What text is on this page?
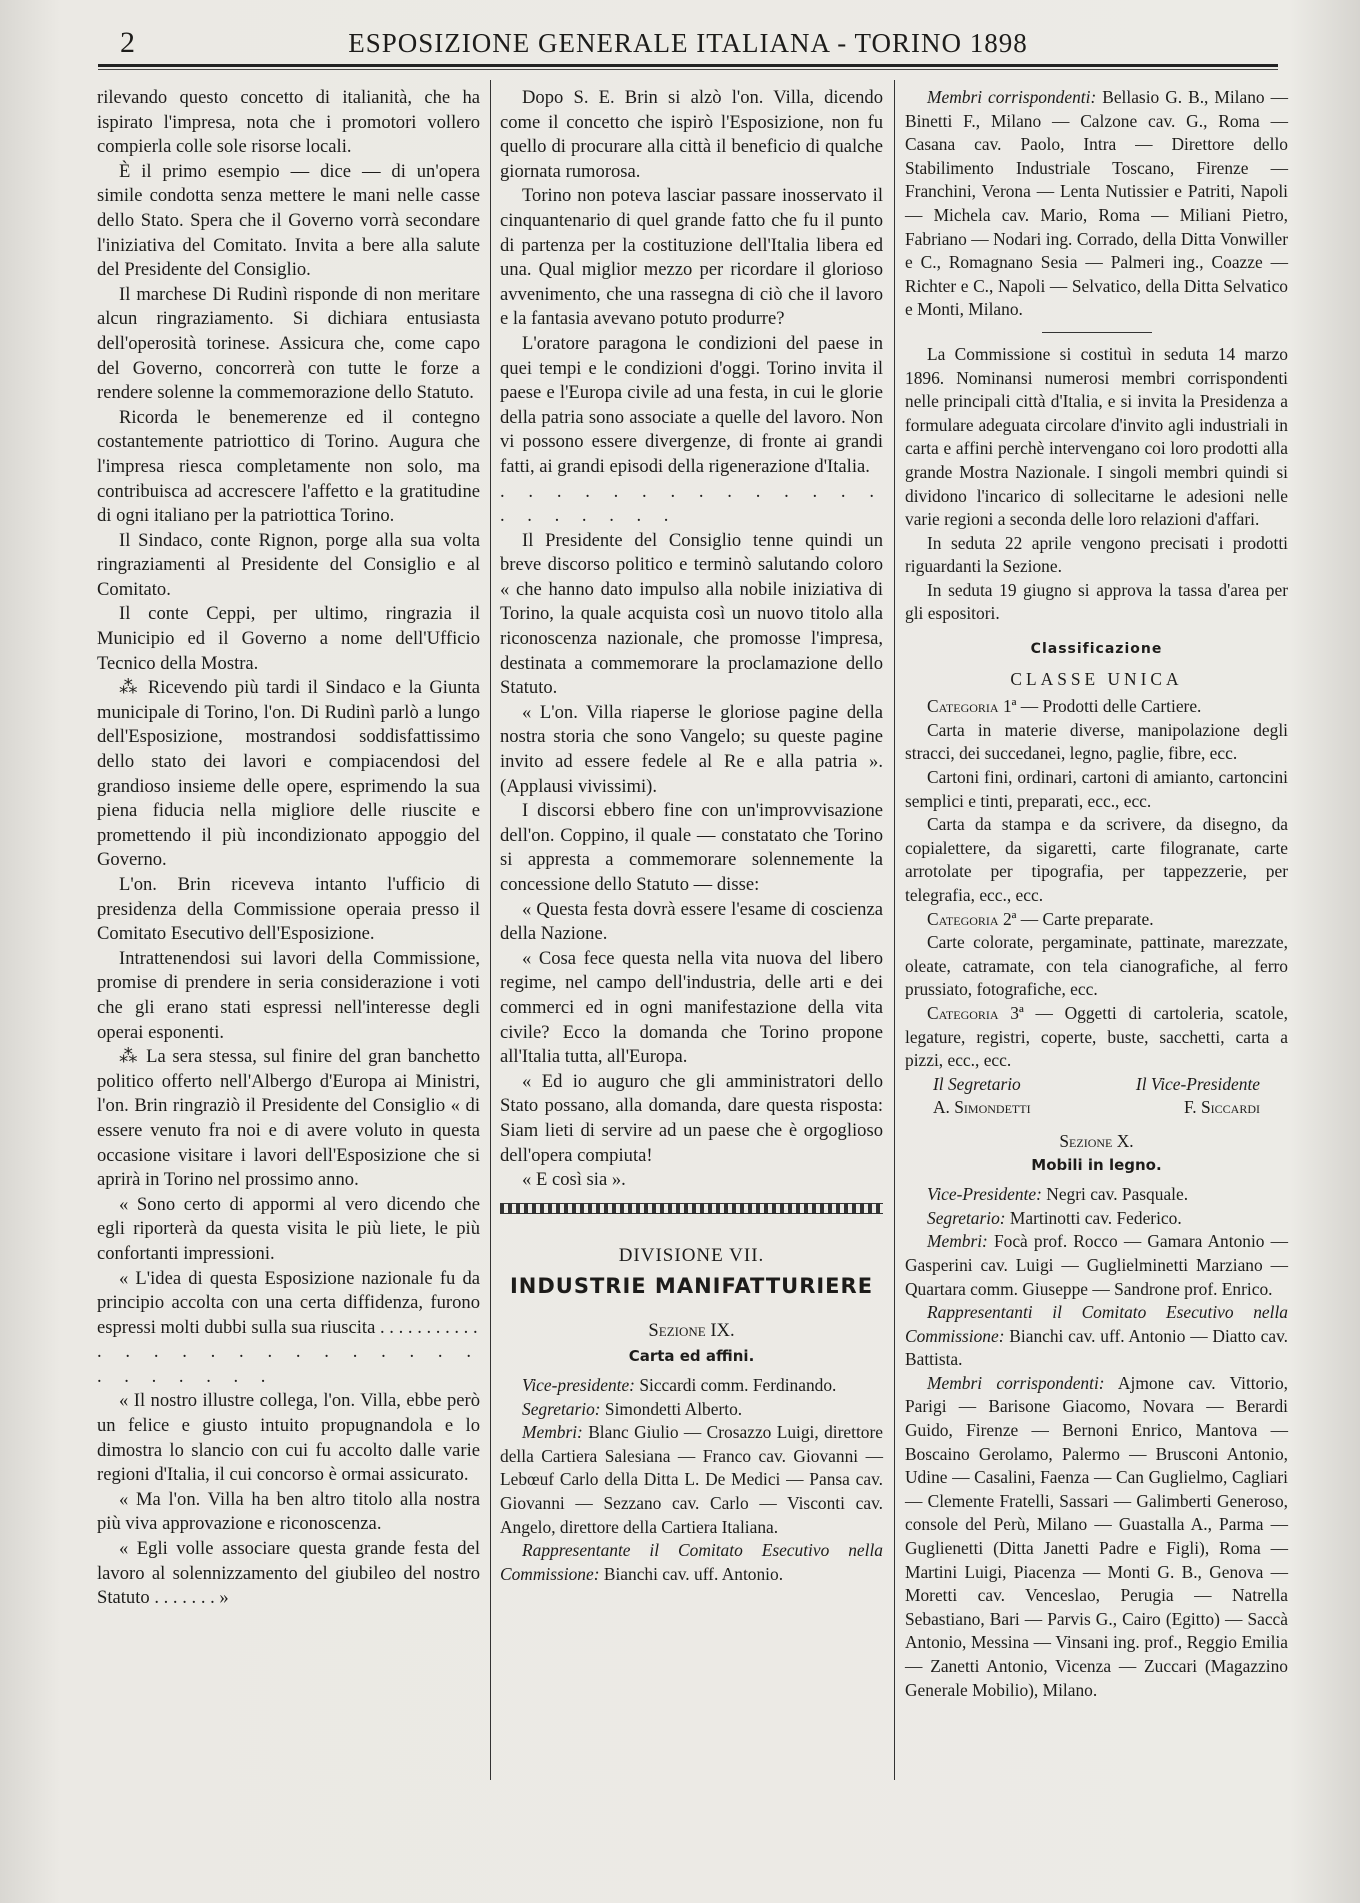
2	ESPOSIZIONE GENERALE ITALIANA - TORINO 1898

rilevando questo concetto di italianità, che ha ispirato l'impresa, nota che i promotori vollero compierla colle sole risorse locali.

È il primo esempio — dice — di un'opera simile condotta senza mettere le mani nelle casse dello Stato. Spera che il Governo vorrà secondare l'iniziativa del Comitato. Invita a bere alla salute del Presidente del Consiglio.

Il marchese Di Rudinì risponde di non meritare alcun ringraziamento. Si dichiara entusiasta dell'operosità torinese. Assicura che, come capo del Governo, concorrerà con tutte le forze a rendere solenne la commemorazione dello Statuto.

Ricorda le benemerenze ed il contegno costantemente patriottico di Torino. Augura che l'impresa riesca completamente non solo, ma contribuisca ad accrescere l'affetto e la gratitudine di ogni italiano per la patriottica Torino.

Il Sindaco, conte Rignon, porge alla sua volta ringraziamenti al Presidente del Consiglio e al Comitato.

Il conte Ceppi, per ultimo, ringrazia il Municipio ed il Governo a nome dell'Ufficio Tecnico della Mostra.

⁂ Ricevendo più tardi il Sindaco e la Giunta municipale di Torino, l'on. Di Rudinì parlò a lungo dell'Esposizione, mostrandosi soddisfattissimo dello stato dei lavori e compiacendosi del grandioso insieme delle opere, esprimendo la sua piena fiducia nella migliore delle riuscite e promettendo il più incondizionato appoggio del Governo.

L'on. Brin riceveva intanto l'ufficio di presidenza della Commissione operaia presso il Comitato Esecutivo dell'Esposizione.

Intrattenendosi sui lavori della Commissione, promise di prendere in seria considerazione i voti che gli erano stati espressi nell'interesse degli operai esponenti.

⁂ La sera stessa, sul finire del gran banchetto politico offerto nell'Albergo d'Europa ai Ministri, l'on. Brin ringraziò il Presidente del Consiglio « di essere venuto fra noi e di avere voluto in questa occasione visitare i lavori dell'Esposizione che si aprirà in Torino nel prossimo anno.

« Sono certo di appormi al vero dicendo che egli riporterà da questa visita le più liete, le più confortanti impressioni.

« L'idea di questa Esposizione nazionale fu da principio accolta con una certa diffidenza, furono espressi molti dubbi sulla sua riuscita . . . . . . . . . . .

. . . . . . . . . . . . . . . . . . . . .

« Il nostro illustre collega, l'on. Villa, ebbe però un felice e giusto intuito propugnandola e lo dimostra lo slancio con cui fu accolto dalle varie regioni d'Italia, il cui concorso è ormai assicurato.

« Ma l'on. Villa ha ben altro titolo alla nostra più viva approvazione e riconoscenza.

« Egli volle associare questa grande festa del lavoro al solennizzamento del giubileo del nostro Statuto . . . . . . . »

Dopo S. E. Brin si alzò l'on. Villa, dicendo come il concetto che ispirò l'Esposizione, non fu quello di procurare alla città il beneficio di qualche giornata rumorosa.

Torino non poteva lasciar passare inosservato il cinquantenario di quel grande fatto che fu il punto di partenza per la costituzione dell'Italia libera ed una. Qual miglior mezzo per ricordare il glorioso avvenimento, che una rassegna di ciò che il lavoro e la fantasia avevano potuto produrre?

L'oratore paragona le condizioni del paese in quei tempi e le condizioni d'oggi. Torino invita il paese e l'Europa civile ad una festa, in cui le glorie della patria sono associate a quelle del lavoro. Non vi possono essere divergenze, di fronte ai grandi fatti, ai grandi episodi della rigenerazione d'Italia.

. . . . . . . . . . . . . . . . . . . . .

Il Presidente del Consiglio tenne quindi un breve discorso politico e terminò salutando coloro « che hanno dato impulso alla nobile iniziativa di Torino, la quale acquista così un nuovo titolo alla riconoscenza nazionale, che promosse l'impresa, destinata a commemorare la proclamazione dello Statuto.

« L'on. Villa riaperse le gloriose pagine della nostra storia che sono Vangelo; su queste pagine invito ad essere fedele al Re e alla patria ». (Applausi vivissimi).

I discorsi ebbero fine con un'improvvisazione dell'on. Coppino, il quale — constatato che Torino si appresta a commemorare solennemente la concessione dello Statuto — disse:

« Questa festa dovrà essere l'esame di coscienza della Nazione.

« Cosa fece questa nella vita nuova del libero regime, nel campo dell'industria, delle arti e dei commerci ed in ogni manifestazione della vita civile? Ecco la domanda che Torino propone all'Italia tutta, all'Europa.

« Ed io auguro che gli amministratori dello Stato possano, alla domanda, dare questa risposta: Siam lieti di servire ad un paese che è orgoglioso dell'opera compiuta!

« E così sia ».

DIVISIONE VII.

INDUSTRIE MANIFATTURIERE

Sezione IX.

Carta ed affini.

Vice-presidente: Siccardi comm. Ferdinando.

Segretario: Simondetti Alberto.

Membri: Blanc Giulio — Crosazzo Luigi, direttore della Cartiera Salesiana — Franco cav. Giovanni — Lebœuf Carlo della Ditta L. De Medici — Pansa cav. Giovanni — Sezzano cav. Carlo — Visconti cav. Angelo, direttore della Cartiera Italiana.

Rappresentante il Comitato Esecutivo nella Commissione: Bianchi cav. uff. Antonio.

Membri corrispondenti: Bellasio G. B., Milano — Binetti F., Milano — Calzone cav. G., Roma — Casana cav. Paolo, Intra — Direttore dello Stabilimento Industriale Toscano, Firenze — Franchini, Verona — Lenta Nutissier e Patriti, Napoli — Michela cav. Mario, Roma — Miliani Pietro, Fabriano — Nodari ing. Corrado, della Ditta Vonwiller e C., Romagnano Sesia — Palmeri ing., Coazze — Richter e C., Napoli — Selvatico, della Ditta Selvatico e Monti, Milano.

La Commissione si costituì in seduta 14 marzo 1896. Nominansi numerosi membri corrispondenti nelle principali città d'Italia, e si invita la Presidenza a formulare adeguata circolare d'invito agli industriali in carta e affini perchè intervengano coi loro prodotti alla grande Mostra Nazionale. I singoli membri quindi si dividono l'incarico di sollecitarne le adesioni nelle varie regioni a seconda delle loro relazioni d'affari.

In seduta 22 aprile vengono precisati i prodotti riguardanti la Sezione.

In seduta 19 giugno si approva la tassa d'area per gli espositori.

Classificazione

CLASSE UNICA

Categoria 1ª — Prodotti delle Cartiere.

Carta in materie diverse, manipolazione degli stracci, dei succedanei, legno, paglie, fibre, ecc.

Cartoni fini, ordinari, cartoni di amianto, cartoncini semplici e tinti, preparati, ecc., ecc.

Carta da stampa e da scrivere, da disegno, da copialettere, da sigaretti, carte filogranate, carte arrotolate per tipografia, per tappezzerie, per telegrafia, ecc., ecc.

Categoria 2ª — Carte preparate.

Carte colorate, pergaminate, pattinate, marezzate, oleate, catramate, con tela cianografiche, al ferro prussiato, fotografiche, ecc.

Categoria 3ª — Oggetti di cartoleria, scatole, legature, registri, coperte, buste, sacchetti, carta a pizzi, ecc., ecc.

Il Segretario	Il Vice-Presidente
A. Simondetti	F. Siccardi

Sezione X.

Mobili in legno.

Vice-Presidente: Negri cav. Pasquale.

Segretario: Martinotti cav. Federico.

Membri: Focà prof. Rocco — Gamara Antonio — Gasperini cav. Luigi — Guglielminetti Marziano — Quartara comm. Giuseppe — Sandrone prof. Enrico.

Rappresentanti il Comitato Esecutivo nella Commissione: Bianchi cav. uff. Antonio — Diatto cav. Battista.

Membri corrispondenti: Ajmone cav. Vittorio, Parigi — Barisone Giacomo, Novara — Berardi Guido, Firenze — Bernoni Enrico, Mantova — Boscaino Gerolamo, Palermo — Brusconi Antonio, Udine — Casalini, Faenza — Can Guglielmo, Cagliari — Clemente Fratelli, Sassari — Galimberti Generoso, console del Perù, Milano — Guastalla A., Parma — Guglienetti (Ditta Janetti Padre e Figli), Roma — Martini Luigi, Piacenza — Monti G. B., Genova — Moretti cav. Venceslao, Perugia — Natrella Sebastiano, Bari — Parvis G., Cairo (Egitto) — Saccà Antonio, Messina — Vinsani ing. prof., Reggio Emilia — Zanetti Antonio, Vicenza — Zuccari (Magazzino Generale Mobilio), Milano.
